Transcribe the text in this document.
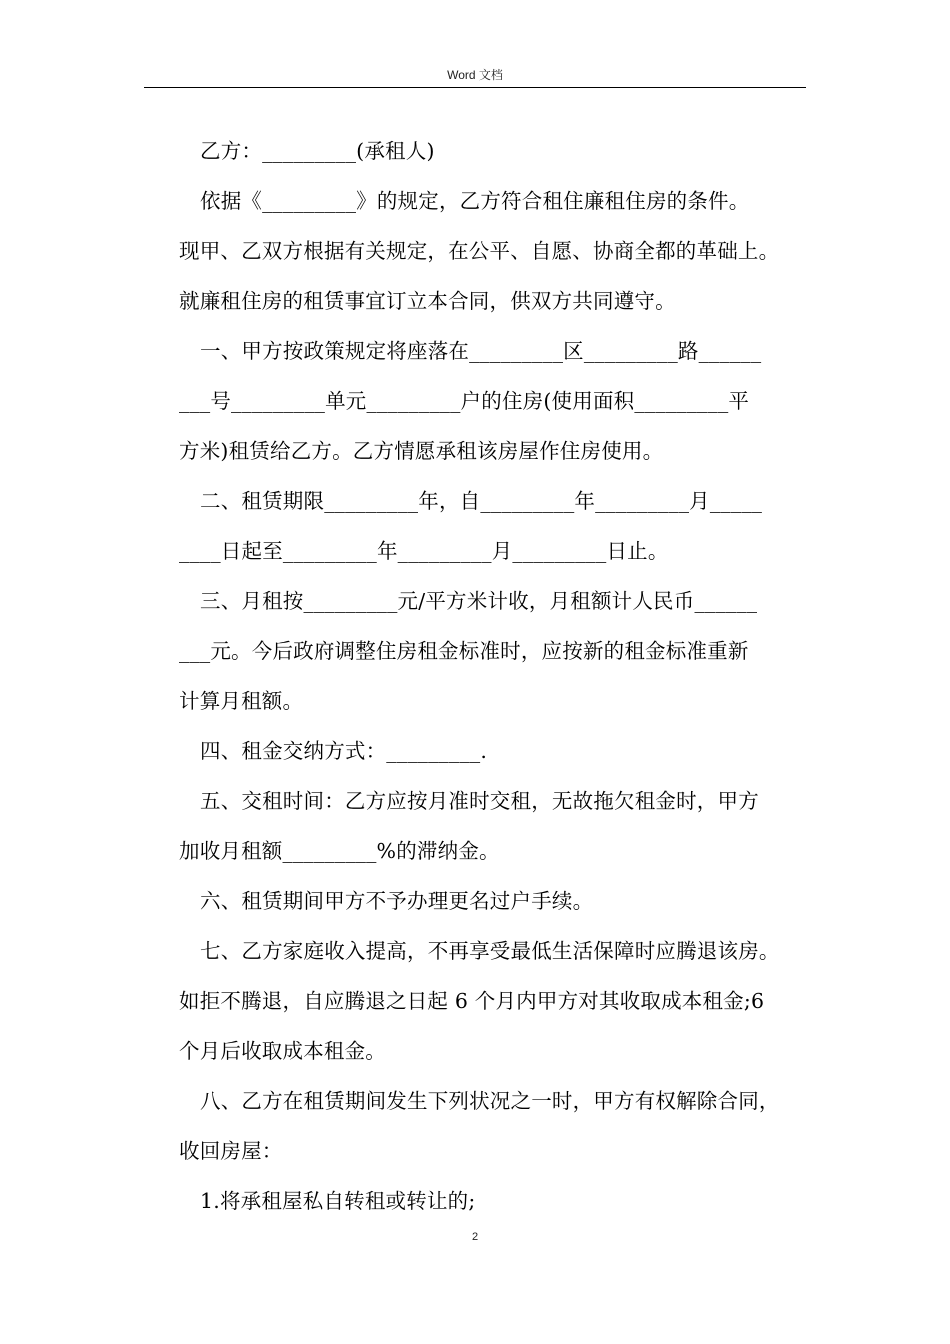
Word 文档
乙方：_________(承租人)
依据《_________》的规定，乙方符合租住廉租住房的条件。
现甲、乙双方根据有关规定，在公平、自愿、协商全都的革础上。
就廉租住房的租赁事宜订立本合同，供双方共同遵守。
一、甲方按政策规定将座落在_________区_________路______
___号_________单元_________户的住房(使用面积_________平
方米)租赁给乙方。乙方情愿承租该房屋作住房使用。
二、租赁期限_________年，自_________年_________月_____
____日起至_________年_________月_________日止。
三、月租按_________元/平方米计收，月租额计人民币______
___元。今后政府调整住房租金标准时，应按新的租金标准重新
计算月租额。
四、租金交纳方式：_________.
五、交租时间：乙方应按月准时交租，无故拖欠租金时，甲方
加收月租额_________%的滞纳金。
六、租赁期间甲方不予办理更名过户手续。
七、乙方家庭收入提高，不再享受最低生活保障时应腾退该房。
如拒不腾退，自应腾退之日起 6 个月内甲方对其收取成本租金;6
个月后收取成本租金。
八、乙方在租赁期间发生下列状况之一时，甲方有权解除合同，
收回房屋：
1.将承租屋私自转租或转让的;
2
